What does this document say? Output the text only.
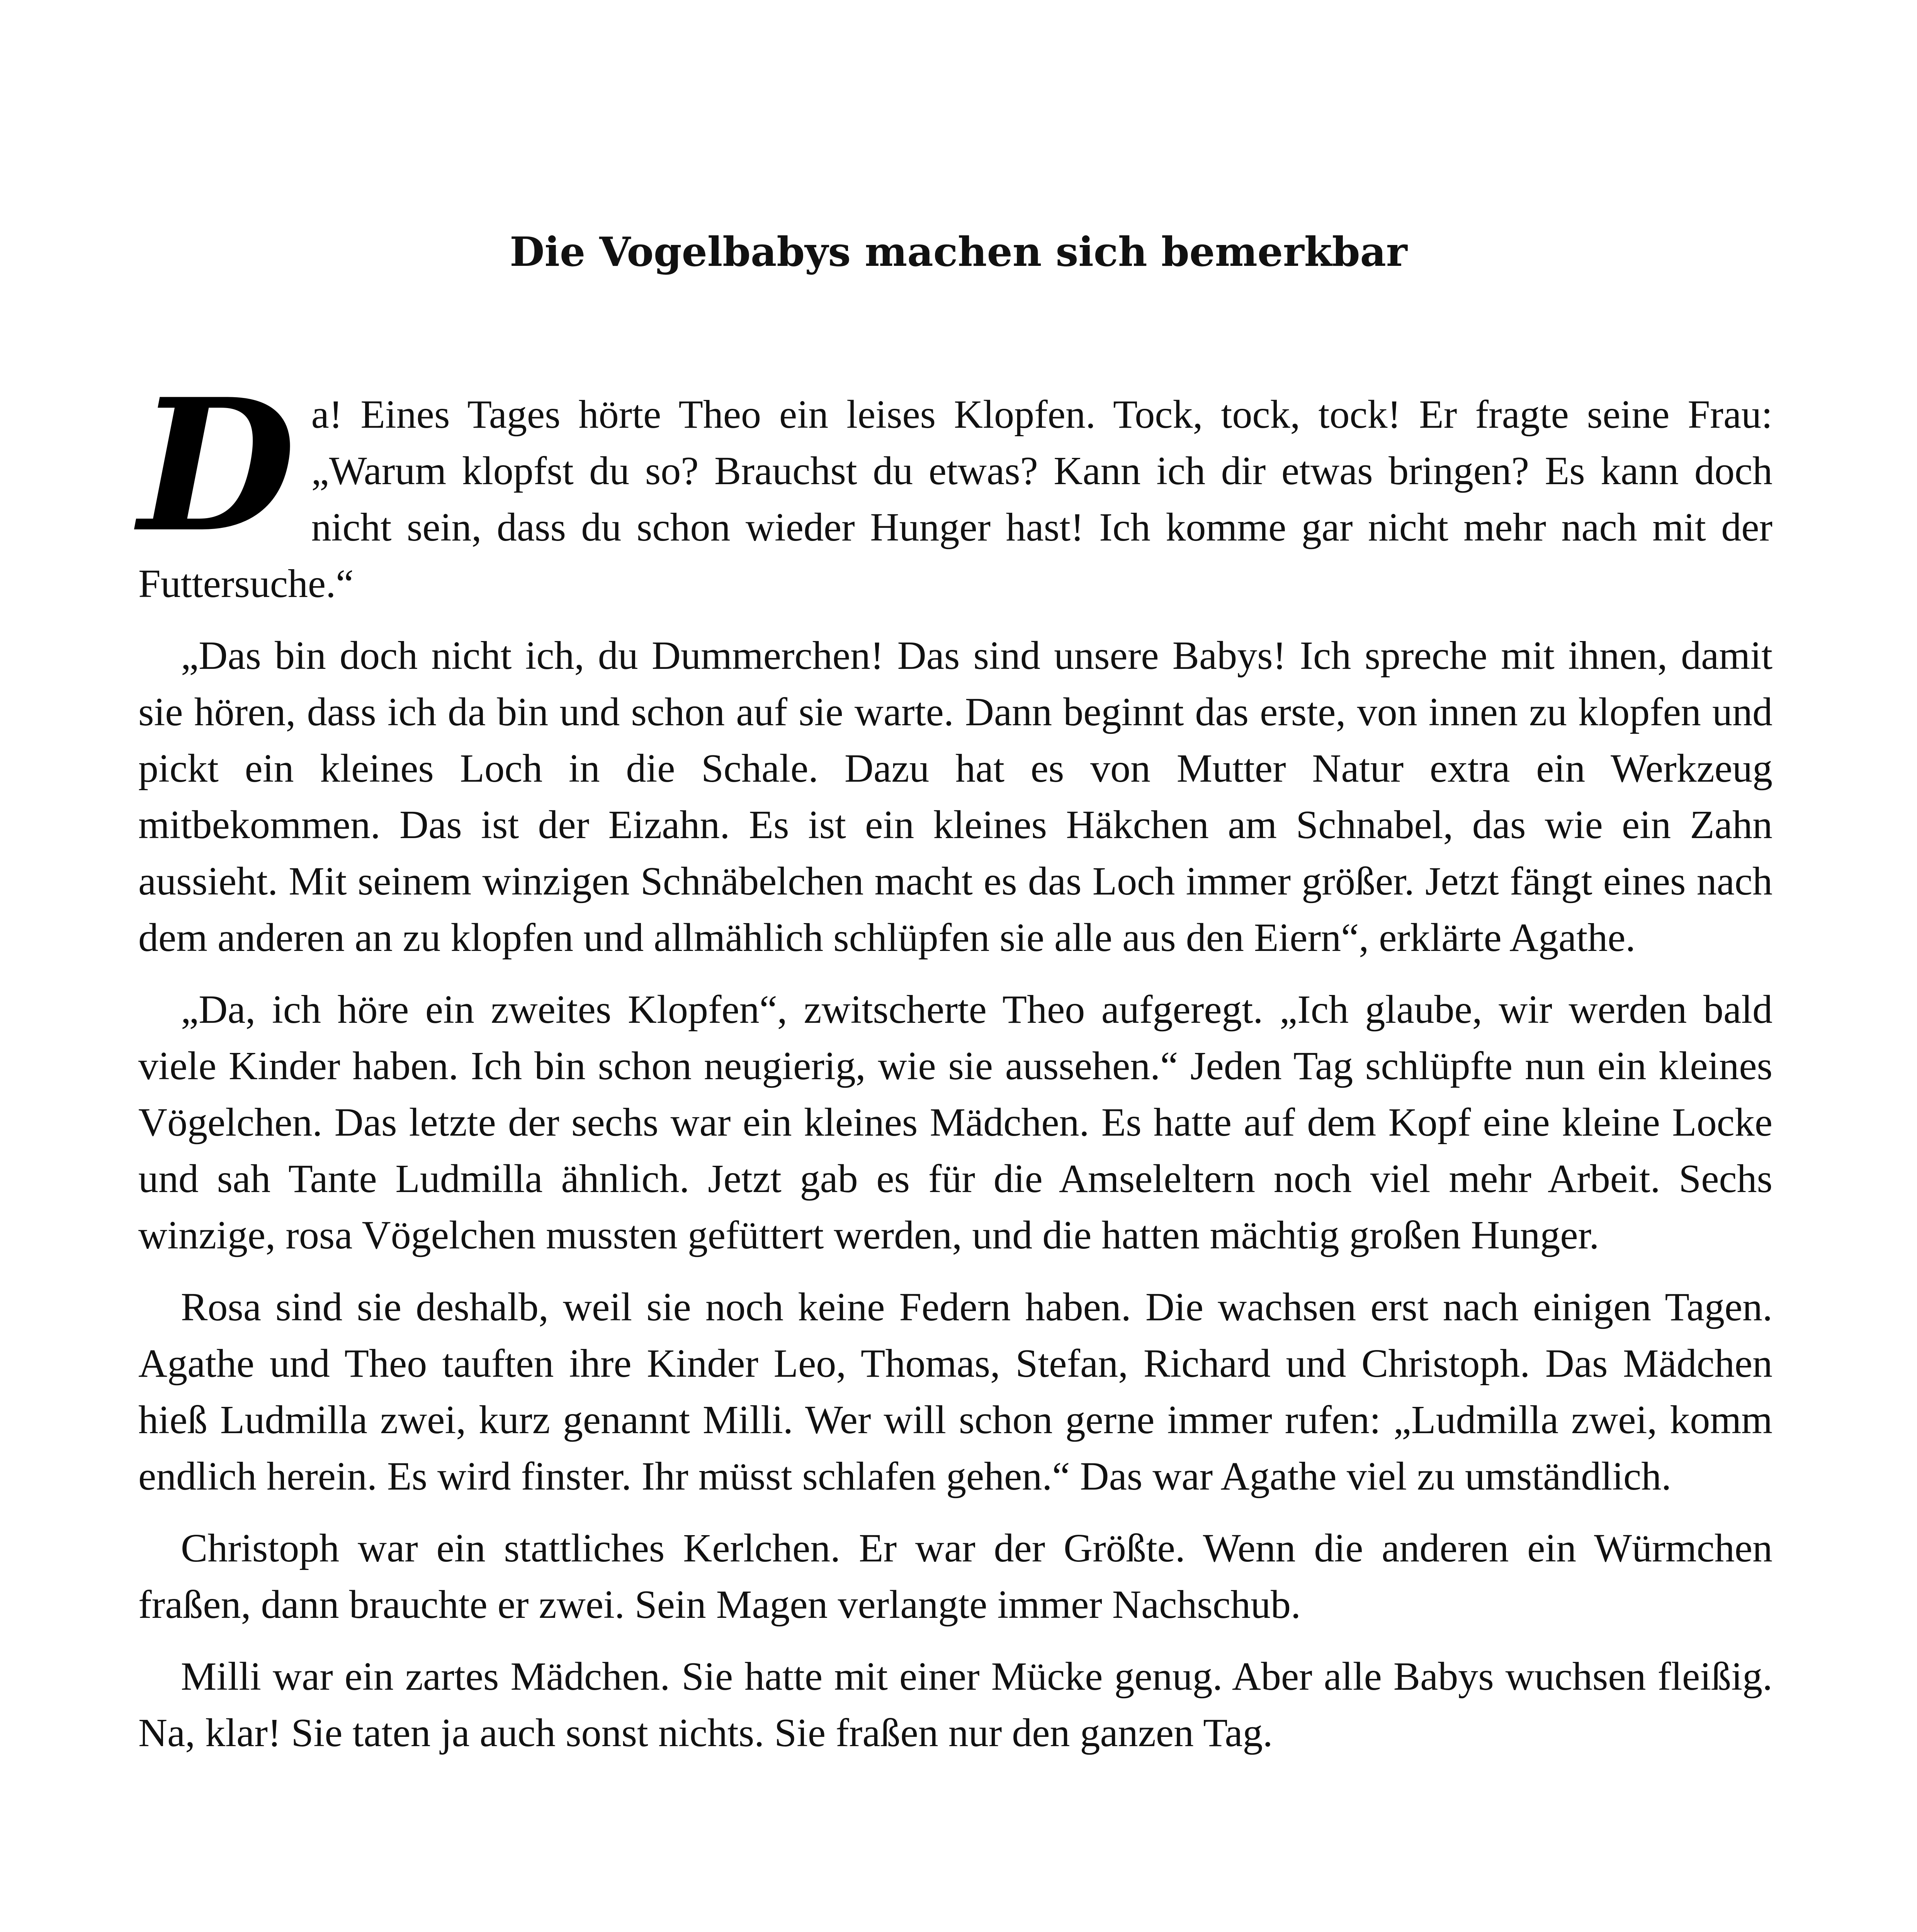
Die Vogelbabys machen sich bemerkbar

Da! Eines Tages hörte Theo ein leises Klopfen. Tock, tock, tock! Er fragte seine Frau: „Warum klopfst du so? Brauchst du etwas? Kann ich dir etwas bringen? Es kann doch nicht sein, dass du schon wieder Hunger hast! Ich komme gar nicht mehr nach mit der Futtersuche.“

„Das bin doch nicht ich, du Dummerchen! Das sind unsere Babys! Ich spreche mit ihnen, damit sie hören, dass ich da bin und schon auf sie warte. Dann beginnt das erste, von innen zu klopfen und pickt ein kleines Loch in die Schale. Dazu hat es von Mutter Natur extra ein Werkzeug mitbekommen. Das ist der Eizahn. Es ist ein kleines Häkchen am Schnabel, das wie ein Zahn aussieht. Mit seinem winzigen Schnäbelchen macht es das Loch immer größer. Jetzt fängt eines nach dem anderen an zu klopfen und allmählich schlüpfen sie alle aus den Eiern“, erklärte Agathe.

„Da, ich höre ein zweites Klopfen“, zwitscherte Theo aufgeregt. „Ich glaube, wir werden bald viele Kinder haben. Ich bin schon neugierig, wie sie aussehen.“ Jeden Tag schlüpfte nun ein kleines Vögelchen. Das letzte der sechs war ein kleines Mädchen. Es hatte auf dem Kopf eine kleine Locke und sah Tante Ludmilla ähnlich. Jetzt gab es für die Amseleltern noch viel mehr Arbeit. Sechs winzige, rosa Vögelchen mussten gefüttert werden, und die hatten mächtig großen Hunger.

Rosa sind sie deshalb, weil sie noch keine Federn haben. Die wachsen erst nach einigen Tagen. Agathe und Theo tauften ihre Kinder Leo, Thomas, Stefan, Richard und Christoph. Das Mädchen hieß Ludmilla zwei, kurz genannt Milli. Wer will schon gerne immer rufen: „Ludmilla zwei, komm endlich herein. Es wird finster. Ihr müsst schlafen gehen.“ Das war Agathe viel zu umständlich.

Christoph war ein stattliches Kerlchen. Er war der Größte. Wenn die anderen ein Würmchen fraßen, dann brauchte er zwei. Sein Magen verlangte immer Nachschub.

Milli war ein zartes Mädchen. Sie hatte mit einer Mücke genug. Aber alle Babys wuchsen fleißig. Na, klar! Sie taten ja auch sonst nichts. Sie fraßen nur den ganzen Tag.
